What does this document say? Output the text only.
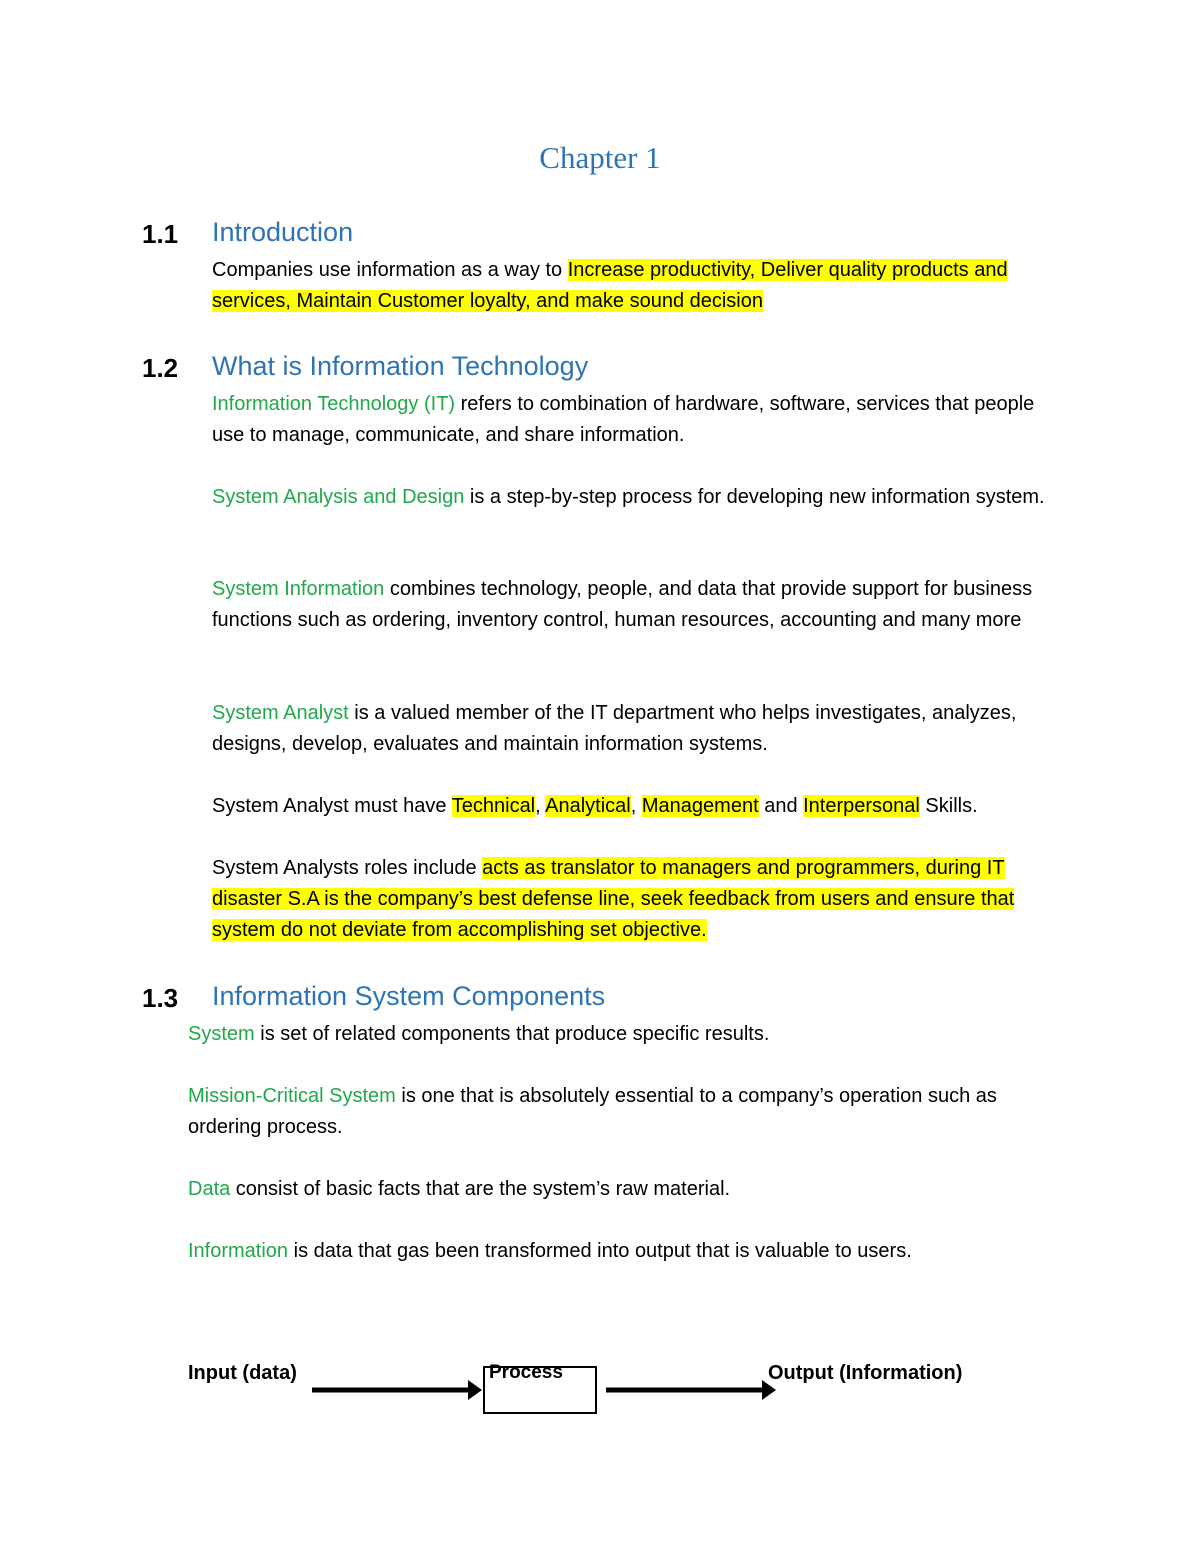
Chapter 1
1.1 Introduction
Companies use information as a way to Increase productivity, Deliver quality products and services, Maintain Customer loyalty, and make sound decision
1.2 What is Information Technology
Information Technology (IT) refers to combination of hardware, software, services that people use to manage, communicate, and share information.
System Analysis and Design is a step-by-step process for developing new information system.
System Information combines technology, people, and data that provide support for business functions such as ordering, inventory control, human resources, accounting and many more
System Analyst is a valued member of the IT department who helps investigates, analyzes, designs, develop, evaluates and maintain information systems.
System Analyst must have Technical, Analytical, Management and Interpersonal Skills.
System Analysts roles include acts as translator to managers and programmers, during IT disaster S.A is the company’s best defense line, seek feedback from users and ensure that system do not deviate from accomplishing set objective.
1.3 Information System Components
System is set of related components that produce specific results.
Mission-Critical System is one that is absolutely essential to a company’s operation such as ordering process.
Data consist of basic facts that are the system’s raw material.
Information is data that gas been transformed into output that is valuable to users.
Input (data)	Process	Output (Information)
